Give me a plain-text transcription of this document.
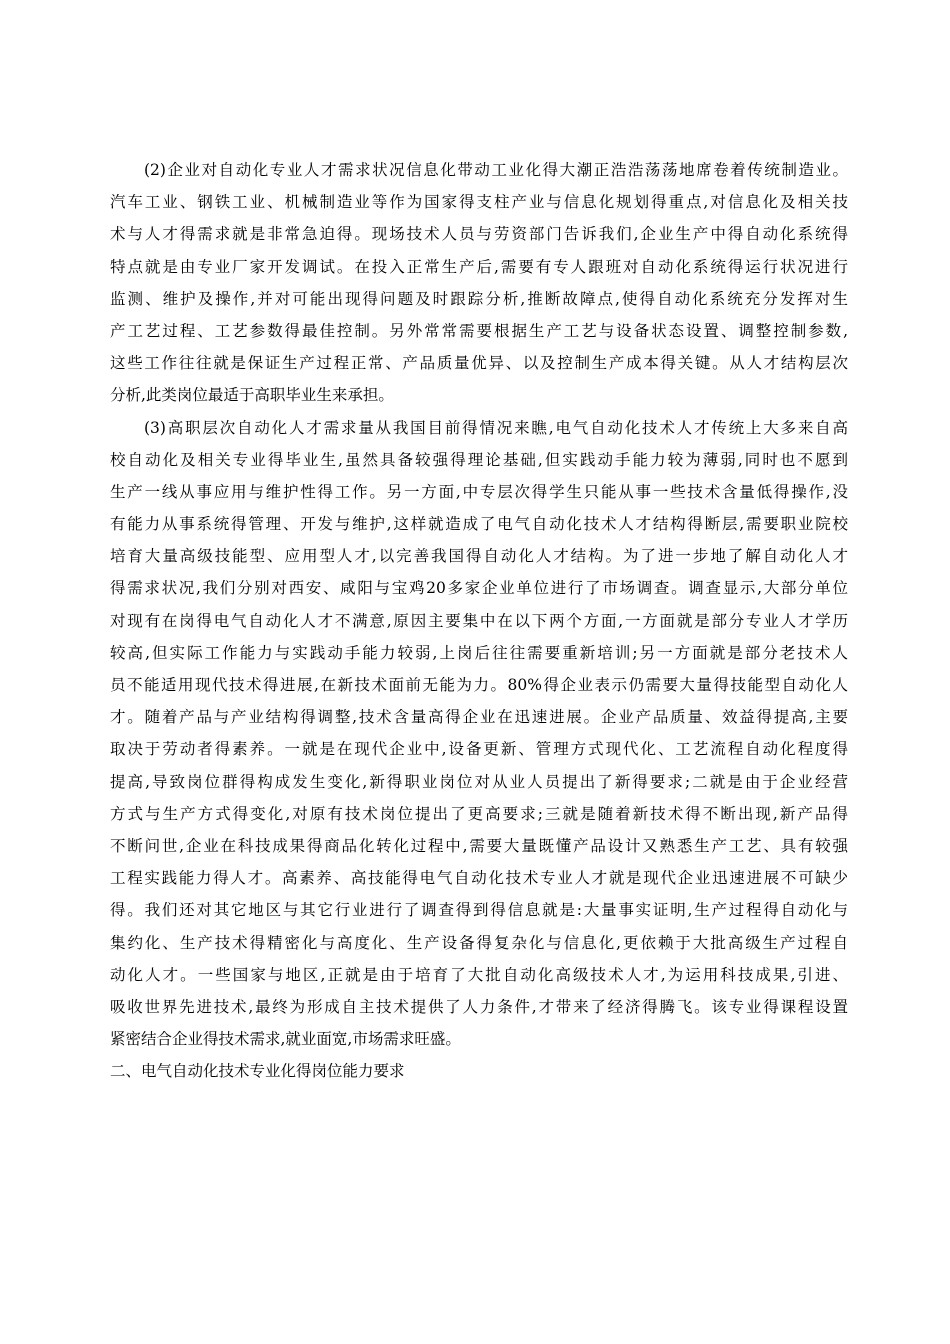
(2)企业对自动化专业人才需求状况信息化带动工业化得大潮正浩浩荡荡地席卷着传统制造业。
汽车工业、钢铁工业、机械制造业等作为国家得支柱产业与信息化规划得重点,对信息化及相关技
术与人才得需求就是非常急迫得。现场技术人员与劳资部门告诉我们,企业生产中得自动化系统得
特点就是由专业厂家开发调试。在投入正常生产后,需要有专人跟班对自动化系统得运行状况进行
监测、维护及操作,并对可能出现得问题及时跟踪分析,推断故障点,使得自动化系统充分发挥对生
产工艺过程、工艺参数得最佳控制。另外常常需要根据生产工艺与设备状态设置、调整控制参数,
这些工作往往就是保证生产过程正常、产品质量优异、以及控制生产成本得关键。从人才结构层次
分析,此类岗位最适于高职毕业生来承担。
(3)高职层次自动化人才需求量从我国目前得情况来瞧,电气自动化技术人才传统上大多来自高
校自动化及相关专业得毕业生,虽然具备较强得理论基础,但实践动手能力较为薄弱,同时也不愿到
生产一线从事应用与维护性得工作。另一方面,中专层次得学生只能从事一些技术含量低得操作,没
有能力从事系统得管理、开发与维护,这样就造成了电气自动化技术人才结构得断层,需要职业院校
培育大量高级技能型、应用型人才,以完善我国得自动化人才结构。为了进一步地了解自动化人才
得需求状况,我们分别对西安、咸阳与宝鸡20多家企业单位进行了市场调查。调查显示,大部分单位
对现有在岗得电气自动化人才不满意,原因主要集中在以下两个方面,一方面就是部分专业人才学历
较高,但实际工作能力与实践动手能力较弱,上岗后往往需要重新培训;另一方面就是部分老技术人
员不能适用现代技术得进展,在新技术面前无能为力。80%得企业表示仍需要大量得技能型自动化人
才。随着产品与产业结构得调整,技术含量高得企业在迅速进展。企业产品质量、效益得提高,主要
取决于劳动者得素养。一就是在现代企业中,设备更新、管理方式现代化、工艺流程自动化程度得
提高,导致岗位群得构成发生变化,新得职业岗位对从业人员提出了新得要求;二就是由于企业经营
方式与生产方式得变化,对原有技术岗位提出了更高要求;三就是随着新技术得不断出现,新产品得
不断问世,企业在科技成果得商品化转化过程中,需要大量既懂产品设计又熟悉生产工艺、具有较强
工程实践能力得人才。高素养、高技能得电气自动化技术专业人才就是现代企业迅速进展不可缺少
得。我们还对其它地区与其它行业进行了调查得到得信息就是:大量事实证明,生产过程得自动化与
集约化、生产技术得精密化与高度化、生产设备得复杂化与信息化,更依赖于大批高级生产过程自
动化人才。一些国家与地区,正就是由于培育了大批自动化高级技术人才,为运用科技成果,引进、
吸收世界先进技术,最终为形成自主技术提供了人力条件,才带来了经济得腾飞。该专业得课程设置
紧密结合企业得技术需求,就业面宽,市场需求旺盛。
二、电气自动化技术专业化得岗位能力要求
